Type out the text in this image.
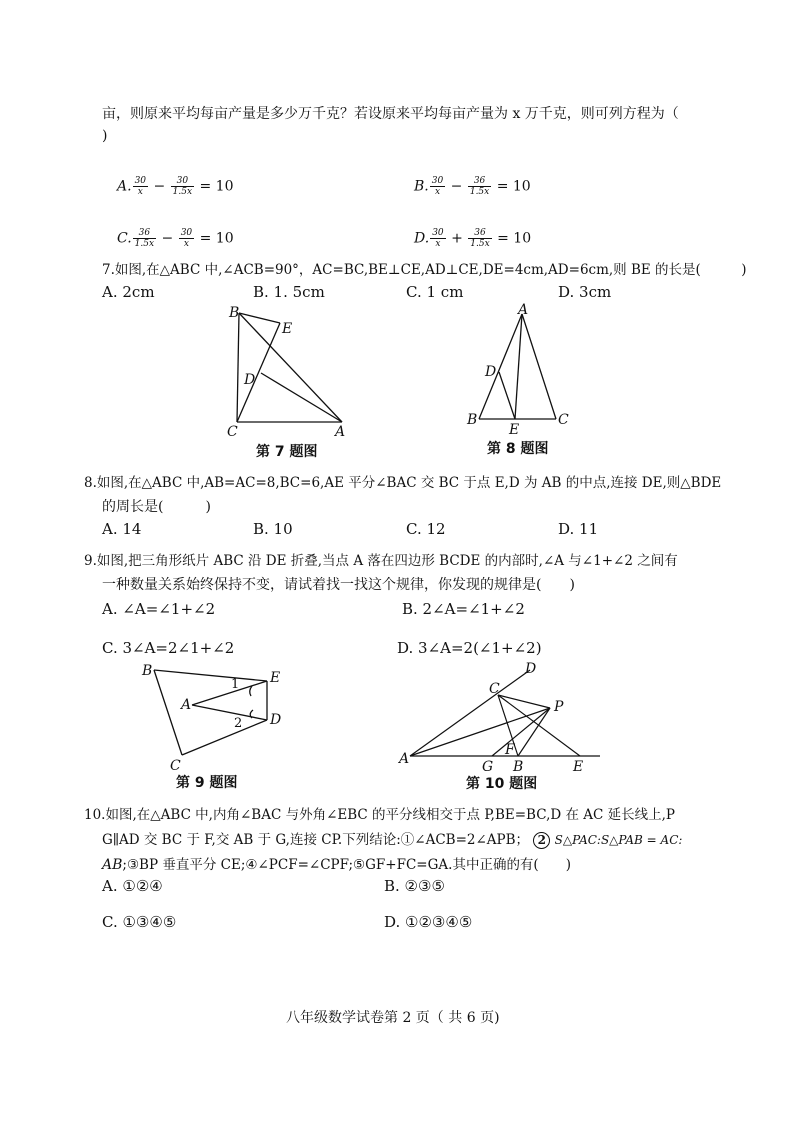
亩，则原来平均每亩产量是多少万千克？若设原来平均每亩产量为 x 万千克，则可列方程为（
)
A. $\frac{30}{x} - \frac{30}{1.5x} = 10$	B. $\frac{30}{x} - \frac{36}{1.5x} = 10$
C. $\frac{36}{1.5x} - \frac{30}{x} = 10$	D. $\frac{30}{x} + \frac{36}{1.5x} = 10$
7.如图,在△ABC 中,∠ACB=90°，AC=BC,BE⊥CE,AD⊥CE,DE=4cm,AD=6cm,则 BE 的长是(　　　)
A. 2cm	B. 1. 5cm	C. 1 cm	D. 3cm
B
E
D
C	A
第 7 题图
A
D
B
E
C
第 8 题图
8.如图,在△ABC 中,AB=AC=8,BC=6,AE 平分∠BAC 交 BC 于点 E,D 为 AB 的中点,连接 DE,则△BDE
的周长是(　　　)
A. 14	B. 10	C. 12	D. 11
9.如图,把三角形纸片 ABC 沿 DE 折叠,当点 A 落在四边形 BCDE 的内部时,∠A 与∠1+∠2 之间有
一种数量关系始终保持不变，请试着找一找这个规律，你发现的规律是(　　)
A. ∠A=∠1+∠2	B. 2∠A=∠1+∠2
C. 3∠A=2∠1+∠2	D. 3∠A=2(∠1+∠2)
B	E
A
D
C
1
2
第 9 题图
D
C
P
A
F
G B	E
第 10 题图
10.如图,在△ABC 中,内角∠BAC 与外角∠EBC 的平分线相交于点 P,BE=BC,D 在 AC 延长线上,P
G∥AD 交 BC 于 F,交 AB 于 G,连接 CP.下列结论:①∠ACB=2∠APB； 2 S△PAC:S△PAB = AC:
AB;③BP 垂直平分 CE;④∠PCF=∠CPF;⑤GF+FC=GA.其中正确的有(　　)
A. ①②④	B. ②③⑤
C. ①③④⑤	D. ①②③④⑤
八年级数学试卷第 2 页（ 共 6 页)
